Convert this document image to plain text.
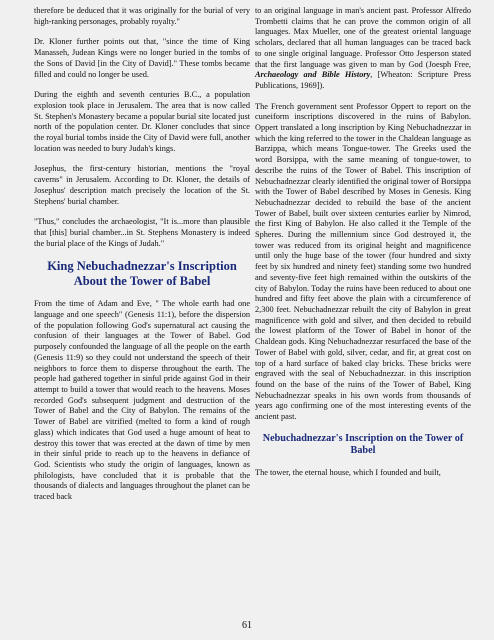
therefore be deduced that it was originally for the burial of very high-ranking personages, probably royalty."

Dr. Kloner further points out that, "since the time of King Manasseh, Judean Kings were no longer buried in the tombs of the Sons of David [in the City of David]." These tombs became filled and could no longer be used.

During the eighth and seventh centuries B.C., a population explosion took place in Jerusalem. The area that is now called St. Stephen's Monastery became a popular burial site located just north of the population center. Dr. Kloner concludes that since the royal burial tombs inside the City of David were full, another location was needed to bury Judah's kings.

Josephus, the first-century historian, mentions the "royal caverns" in Jerusalem. According to Dr. Kloner, the details of Josephus' description match precisely the location of the St. Stephens' burial chamber.

"Thus," concludes the archaeologist, "It is...more than plausible that [this] burial chamber...in St. Stephens Monastery is indeed the burial place of the Kings of Judah."

King Nebuchadnezzar's Inscription About the Tower of Babel

From the time of Adam and Eve, " The whole earth had one language and one speech" (Genesis 11:1), before the dispersion of the population following God's supernatural act causing the confusion of their languages at the Tower of Babel. God purposely confounded the language of all the people on the earth (Genesis 11:9) so they could not understand the speech of their neighbors to force them to disperse throughout the earth. The people had gathered together in sinful pride against God in their attempt to build a tower that would reach to the heavens. Moses recorded God's subsequent judgment and destruction of the Tower of Babel and the City of Babylon. The remains of the Tower of Babel are vitrified (melted to form a kind of rough glass) which indicates that God used a huge amount of heat to destroy this tower that was erected at the dawn of time by men in their sinful pride to reach up to the heavens in defiance of God. Scientists who study the origin of languages, known as philologists, have concluded that it is probable that the thousands of dialects and languages throughout the planet can be traced back

to an original language in man's ancient past. Professor Alfredo Trombetti claims that he can prove the common origin of all languages. Max Mueller, one of the greatest oriental language scholars, declared that all human languages can be traced back to one single original language. Professor Otto Jesperson stated that the first language was given to man by God (Joesph Free, Archaeology and Bible History, [Wheaton: Scripture Press Publications, 1969]).

The French government sent Professor Oppert to report on the cuneiform inscriptions discovered in the ruins of Babylon. Oppert translated a long inscription by King Nebuchadnezzar in which the king referred to the tower in the Chaldean language as Barzippa, which means Tongue-tower. The Greeks used the word Borsippa, with the same meaning of tongue-tower, to describe the ruins of the Tower of Babel. This inscription of Nebuchadnezzar clearly identified the original tower of Borsippa with the Tower of Babel described by Moses in Genesis. King Nebuchadnezzar decided to rebuild the base of the ancient Tower of Babel, built over sixteen centuries earlier by Nimrod, the first King of Babylon. He also called it the Temple of the Spheres. During the millennium since God destroyed it, the tower was reduced from its original height and magnificence until only the huge base of the tower (four hundred and sixty feet by six hundred and ninety feet) standing some two hundred and seventy-five feet high remained within the outskirts of the city of Babylon. Today the ruins have been reduced to about one hundred and fifty feet above the plain with a circumference of 2,300 feet. Nebuchadnezzar rebuilt the city of Babylon in great magnificence with gold and silver, and then decided to rebuild the lowest platform of the Tower of Babel in honor of the Chaldean gods. King Nebuchadnezzar resurfaced the base of the Tower of Babel with gold, silver, cedar, and fir, at great cost on top of a hard surface of baked clay bricks. These bricks were engraved with the seal of Nebuchadnezzar. in this inscription found on the base of the ruins of the Tower of Babel, King Nebuchadnezzar speaks in his own words from thousands of years ago confirming one of the most interesting events of the ancient past.

Nebuchadnezzar's Inscription on the Tower of Babel

The tower, the eternal house, which I founded and built,

61
